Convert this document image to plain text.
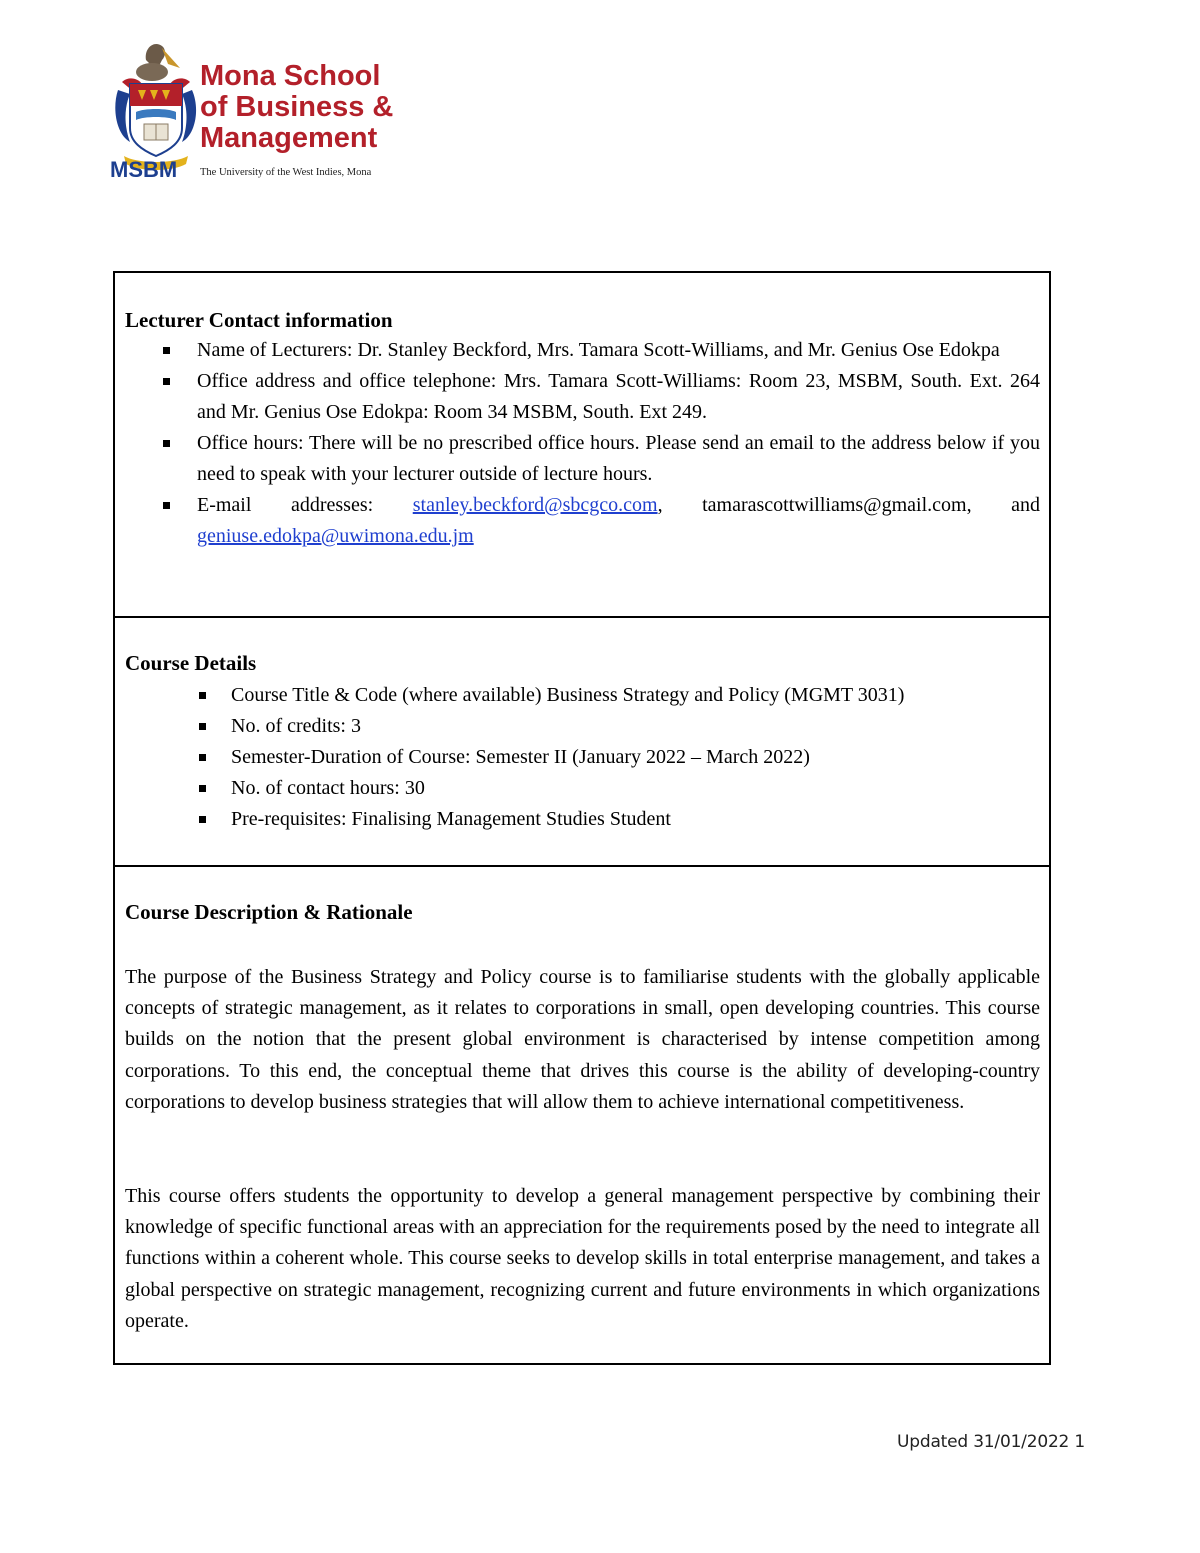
Mona School
of Business &
Management
MSBM The University of the West Indies, Mona
Lecturer Contact information
Name of Lecturers: Dr. Stanley Beckford, Mrs. Tamara Scott-Williams, and Mr. Genius Ose Edokpa
Office address and office telephone: Mrs. Tamara Scott-Williams: Room 23, MSBM, South. Ext. 264 and Mr. Genius Ose Edokpa: Room 34 MSBM, South. Ext 249.
Office hours: There will be no prescribed office hours. Please send an email to the address below if you need to speak with your lecturer outside of lecture hours.
E-mail addresses: stanley.beckford@sbcgco.com, tamarascottwilliams@gmail.com, and geniuse.edokpa@uwimona.edu.jm
Course Details
Course Title & Code (where available) Business Strategy and Policy (MGMT 3031)
No. of credits: 3
Semester-Duration of Course: Semester II (January 2022 – March 2022)
No. of contact hours: 30
Pre-requisites: Finalising Management Studies Student
Course Description & Rationale

The purpose of the Business Strategy and Policy course is to familiarise students with the globally applicable concepts of strategic management, as it relates to corporations in small, open developing countries. This course builds on the notion that the present global environment is characterised by intense competition among corporations. To this end, the conceptual theme that drives this course is the ability of developing-country corporations to develop business strategies that will allow them to achieve international competitiveness.

This course offers students the opportunity to develop a general management perspective by combining their knowledge of specific functional areas with an appreciation for the requirements posed by the need to integrate all functions within a coherent whole. This course seeks to develop skills in total enterprise management, and takes a global perspective on strategic management, recognizing current and future environments in which organizations operate.

Updated 31/01/2022 1
